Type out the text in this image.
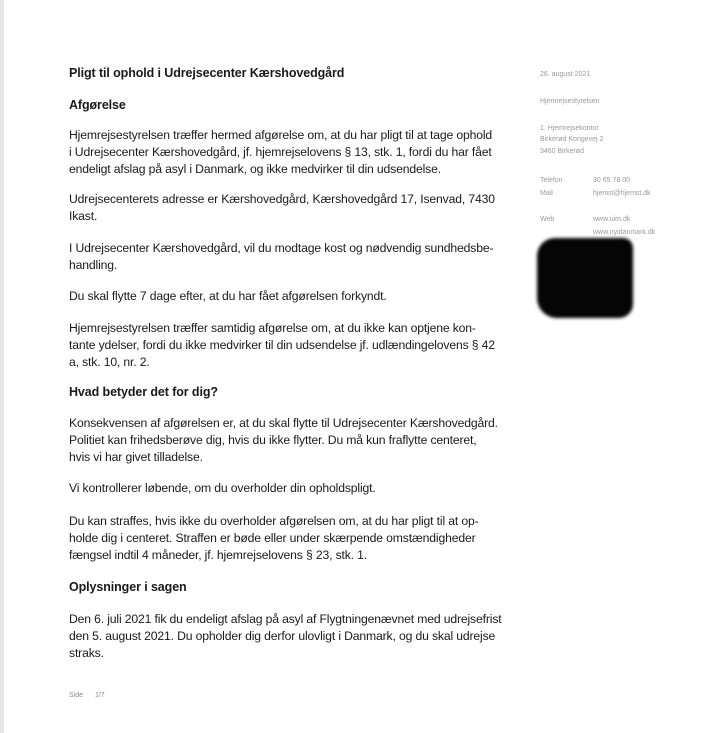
Pligt til ophold i Udrejsecenter Kærshovedgård
Afgørelse
Hjemrejsestyrelsen træffer hermed afgørelse om, at du har pligt til at tage ophold
i Udrejsecenter Kærshovedgård, jf. hjemrejselovens § 13, stk. 1, fordi du har fået
endeligt afslag på asyl i Danmark, og ikke medvirker til din udsendelse.
Udrejsecenterets adresse er Kærshovedgård, Kærshovedgård 17, Isenvad, 7430
Ikast.
I Udrejsecenter Kærshovedgård, vil du modtage kost og nødvendig sundhedsbe-
handling.
Du skal flytte 7 dage efter, at du har fået afgørelsen forkyndt.
Hjemrejsestyrelsen træffer samtidig afgørelse om, at du ikke kan optjene kon-
tante ydelser, fordi du ikke medvirker til din udsendelse jf. udlændingelovens § 42
a, stk. 10, nr. 2.
Hvad betyder det for dig?
Konsekvensen af afgørelsen er, at du skal flytte til Udrejsecenter Kærshovedgård.
Politiet kan frihedsberøve dig, hvis du ikke flytter. Du må kun fraflytte centeret,
hvis vi har givet tilladelse.
Vi kontrollerer løbende, om du overholder din opholdspligt.
Du kan straffes, hvis ikke du overholder afgørelsen om, at du har pligt til at op-
holde dig i centeret. Straffen er bøde eller under skærpende omstændigheder
fængsel indtil 4 måneder, jf. hjemrejselovens § 23, stk. 1.
Oplysninger i sagen
Den 6. juli 2021 fik du endeligt afslag på asyl af Flygtningenævnet med udrejsefrist
den 5. august 2021. Du opholder dig derfor ulovligt i Danmark, og du skal udrejse
straks.
26. august 2021
Hjemrejsestyrelsen
1. Hjemrejsekontor
Birkerød Kongevej 2
3460 Birkerød
Telefon	30 65 78 00
Mail	hjemst@hjemst.dk
Web	www.uim.dk
www.nyidanmark.dk
Side 1/7
